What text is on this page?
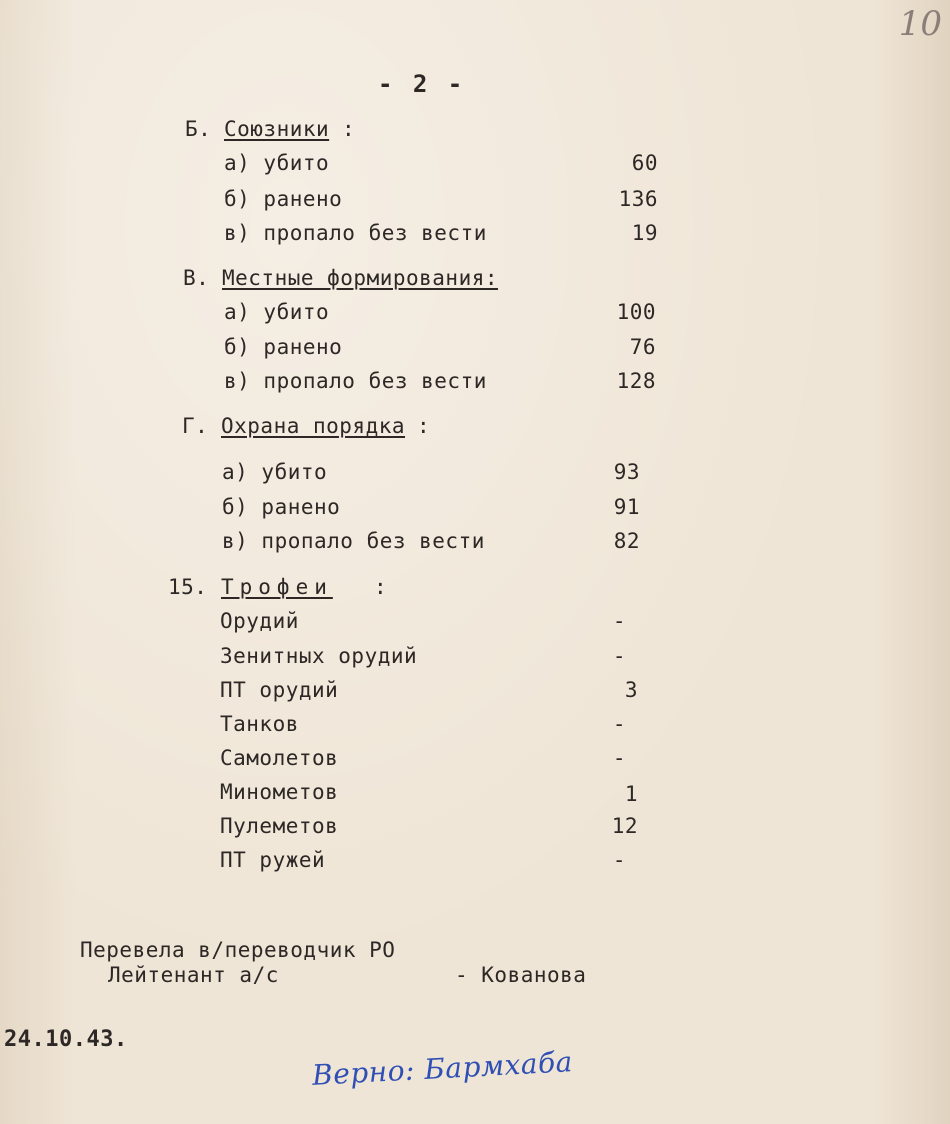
10
- 2 -
Б. Союзники :
а) убито	60
б) ранено	136
в) пропало без вести	19
В. Местные формирования:
а) убито	100
б) ранено	76
в) пропало без вести	128
Г. Охрана порядка :
а) убито	93
б) ранено	91
в) пропало без вести	82
15. Трофеи :
Орудий	-
Зенитных орудий	-
ПТ орудий	3
Танков	-
Самолетов	-
Минометов	1
Пулеметов	12
ПТ ружей	-
Перевела в/переводчик РО
Лейтенант а/с	- Кованова
24.10.43.
Верно: Бармхаба
